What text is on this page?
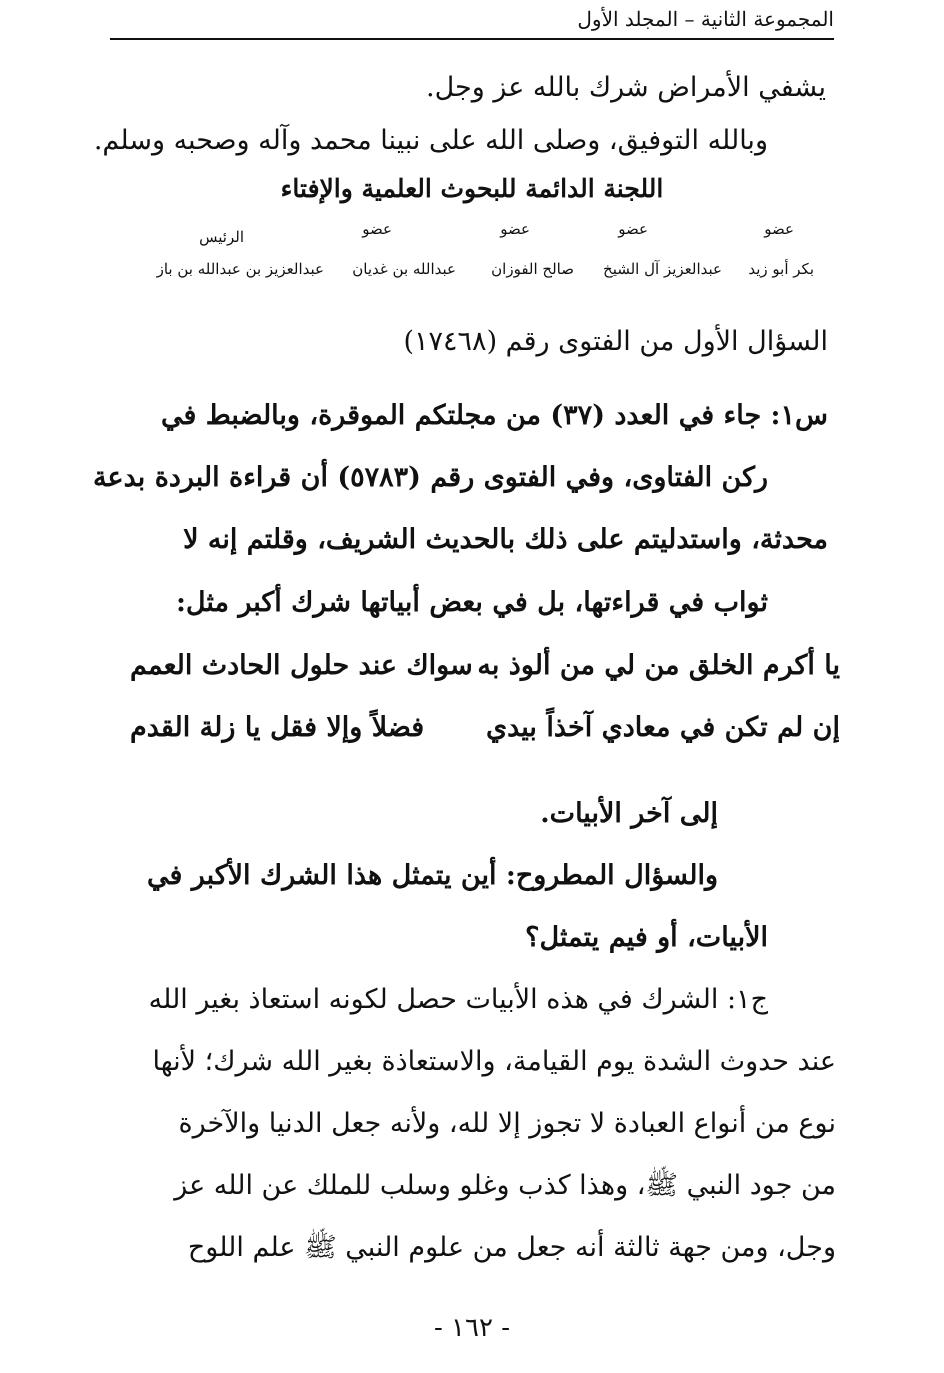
المجموعة الثانية – المجلد الأول
يشفي الأمراض شرك بالله عز وجل.
وبالله التوفيق، وصلى الله على نبينا محمد وآله وصحبه وسلم.
اللجنة الدائمة للبحوث العلمية والإفتاء
عضو
عضو
عضو
عضو
الرئيس
بكر أبو زيد
عبدالعزيز آل الشيخ
صالح الفوزان
عبدالله بن غديان
عبدالعزيز بن عبدالله بن باز
السؤال الأول من الفتوى رقم (١٧٤٦٨)
س١: جاء في العدد (٣٧) من مجلتكم الموقرة، وبالضبط في
ركن الفتاوى، وفي الفتوى رقم (٥٧٨٣) أن قراءة البردة بدعة
محدثة، واستدليتم على ذلك بالحديث الشريف، وقلتم إنه لا
ثواب في قراءتها، بل في بعض أبياتها شرك أكبر مثل:
يا أكرم الخلق من لي من ألوذ به
سواك عند حلول الحادث العمم
إن لم تكن في معادي آخذاً بيدي
فضلاً وإلا فقل يا زلة القدم
إلى آخر الأبيات.
والسؤال المطروح: أين يتمثل هذا الشرك الأكبر في
الأبيات، أو فيم يتمثل؟
ج١: الشرك في هذه الأبيات حصل لكونه استعاذ بغير الله
عند حدوث الشدة يوم القيامة، والاستعاذة بغير الله شرك؛ لأنها
نوع من أنواع العبادة لا تجوز إلا لله، ولأنه جعل الدنيا والآخرة
من جود النبي ﷺ، وهذا كذب وغلو وسلب للملك عن الله عز
وجل، ومن جهة ثالثة أنه جعل من علوم النبي ﷺ علم اللوح
- ١٦٢ -
